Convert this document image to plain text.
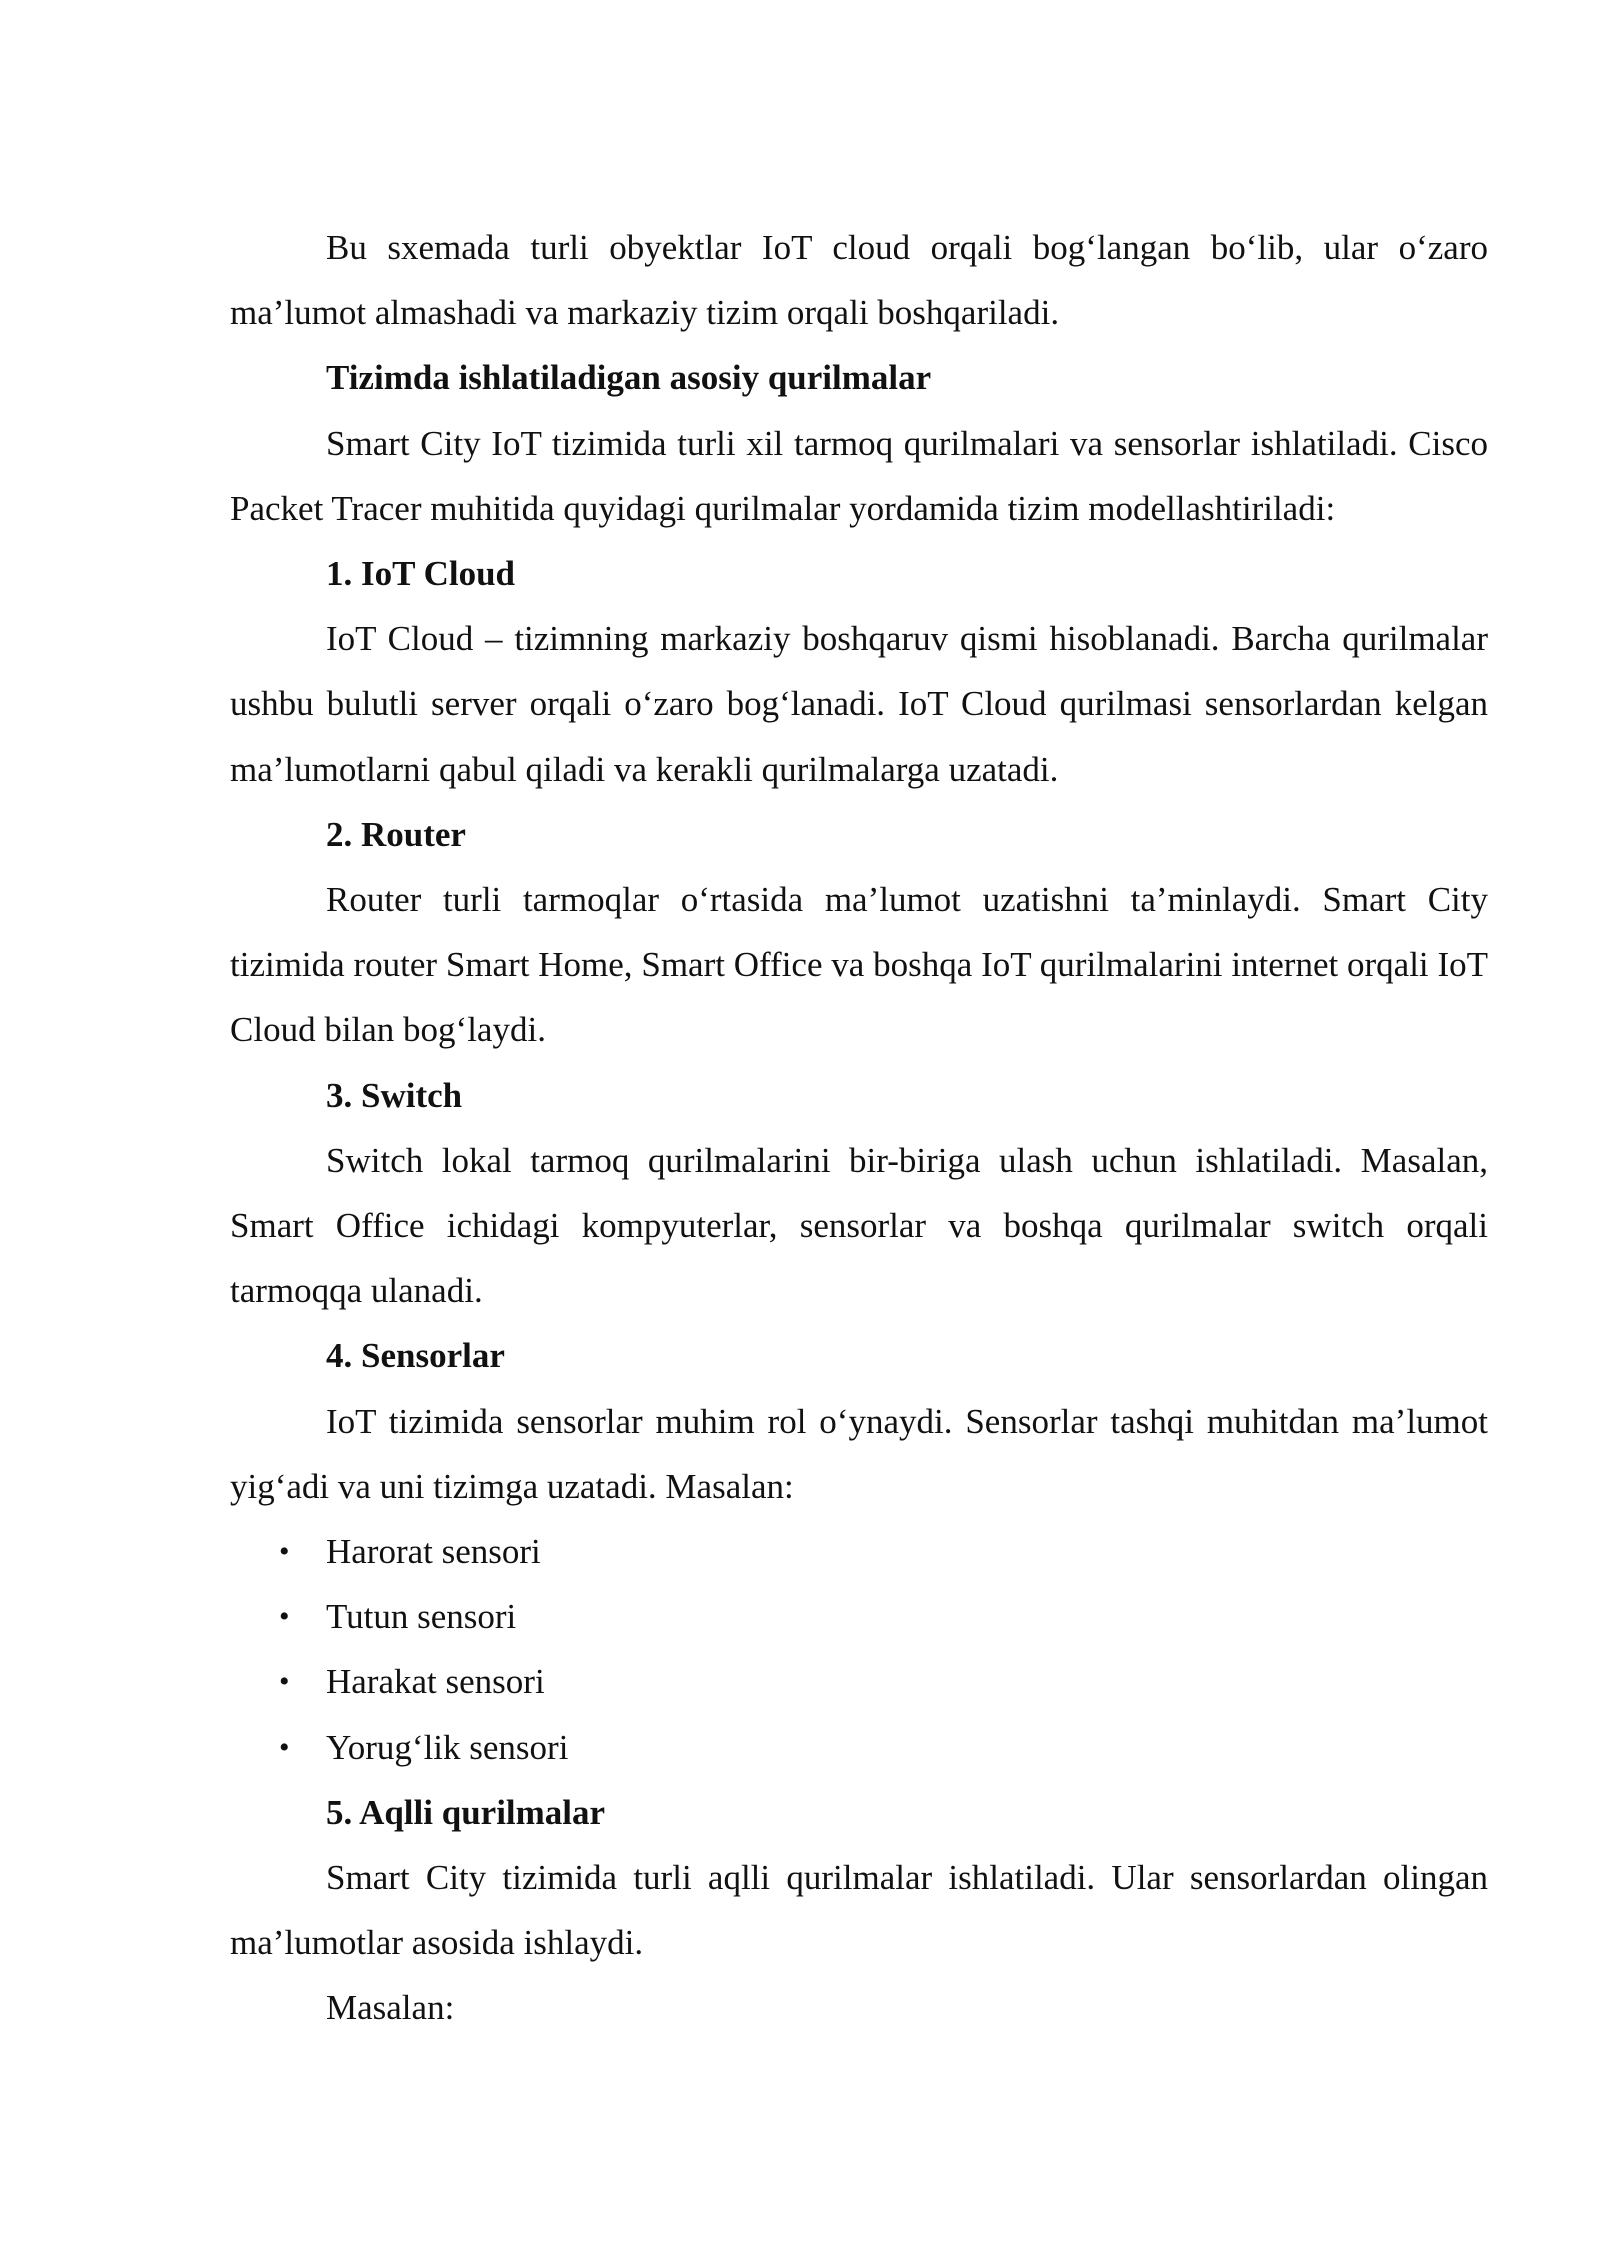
Bu sxemada turli obyektlar IoT cloud orqali bog‘langan bo‘lib, ular o‘zaro ma’lumot almashadi va markaziy tizim orqali boshqariladi.

Tizimda ishlatiladigan asosiy qurilmalar

Smart City IoT tizimida turli xil tarmoq qurilmalari va sensorlar ishlatiladi. Cisco Packet Tracer muhitida quyidagi qurilmalar yordamida tizim modellashtiriladi:

1. IoT Cloud

IoT Cloud – tizimning markaziy boshqaruv qismi hisoblanadi. Barcha qurilmalar ushbu bulutli server orqali o‘zaro bog‘lanadi. IoT Cloud qurilmasi sensorlardan kelgan ma’lumotlarni qabul qiladi va kerakli qurilmalarga uzatadi.

2. Router

Router turli tarmoqlar o‘rtasida ma’lumot uzatishni ta’minlaydi. Smart City tizimida router Smart Home, Smart Office va boshqa IoT qurilmalarini internet orqali IoT Cloud bilan bog‘laydi.

3. Switch

Switch lokal tarmoq qurilmalarini bir-biriga ulash uchun ishlatiladi. Masalan, Smart Office ichidagi kompyuterlar, sensorlar va boshqa qurilmalar switch orqali tarmoqqa ulanadi.

4. Sensorlar

IoT tizimida sensorlar muhim rol o‘ynaydi. Sensorlar tashqi muhitdan ma’lumot yig‘adi va uni tizimga uzatadi. Masalan:

• Harorat sensori
• Tutun sensori
• Harakat sensori
• Yorug‘lik sensori

5. Aqlli qurilmalar

Smart City tizimida turli aqlli qurilmalar ishlatiladi. Ular sensorlardan olingan ma’lumotlar asosida ishlaydi.

Masalan:
